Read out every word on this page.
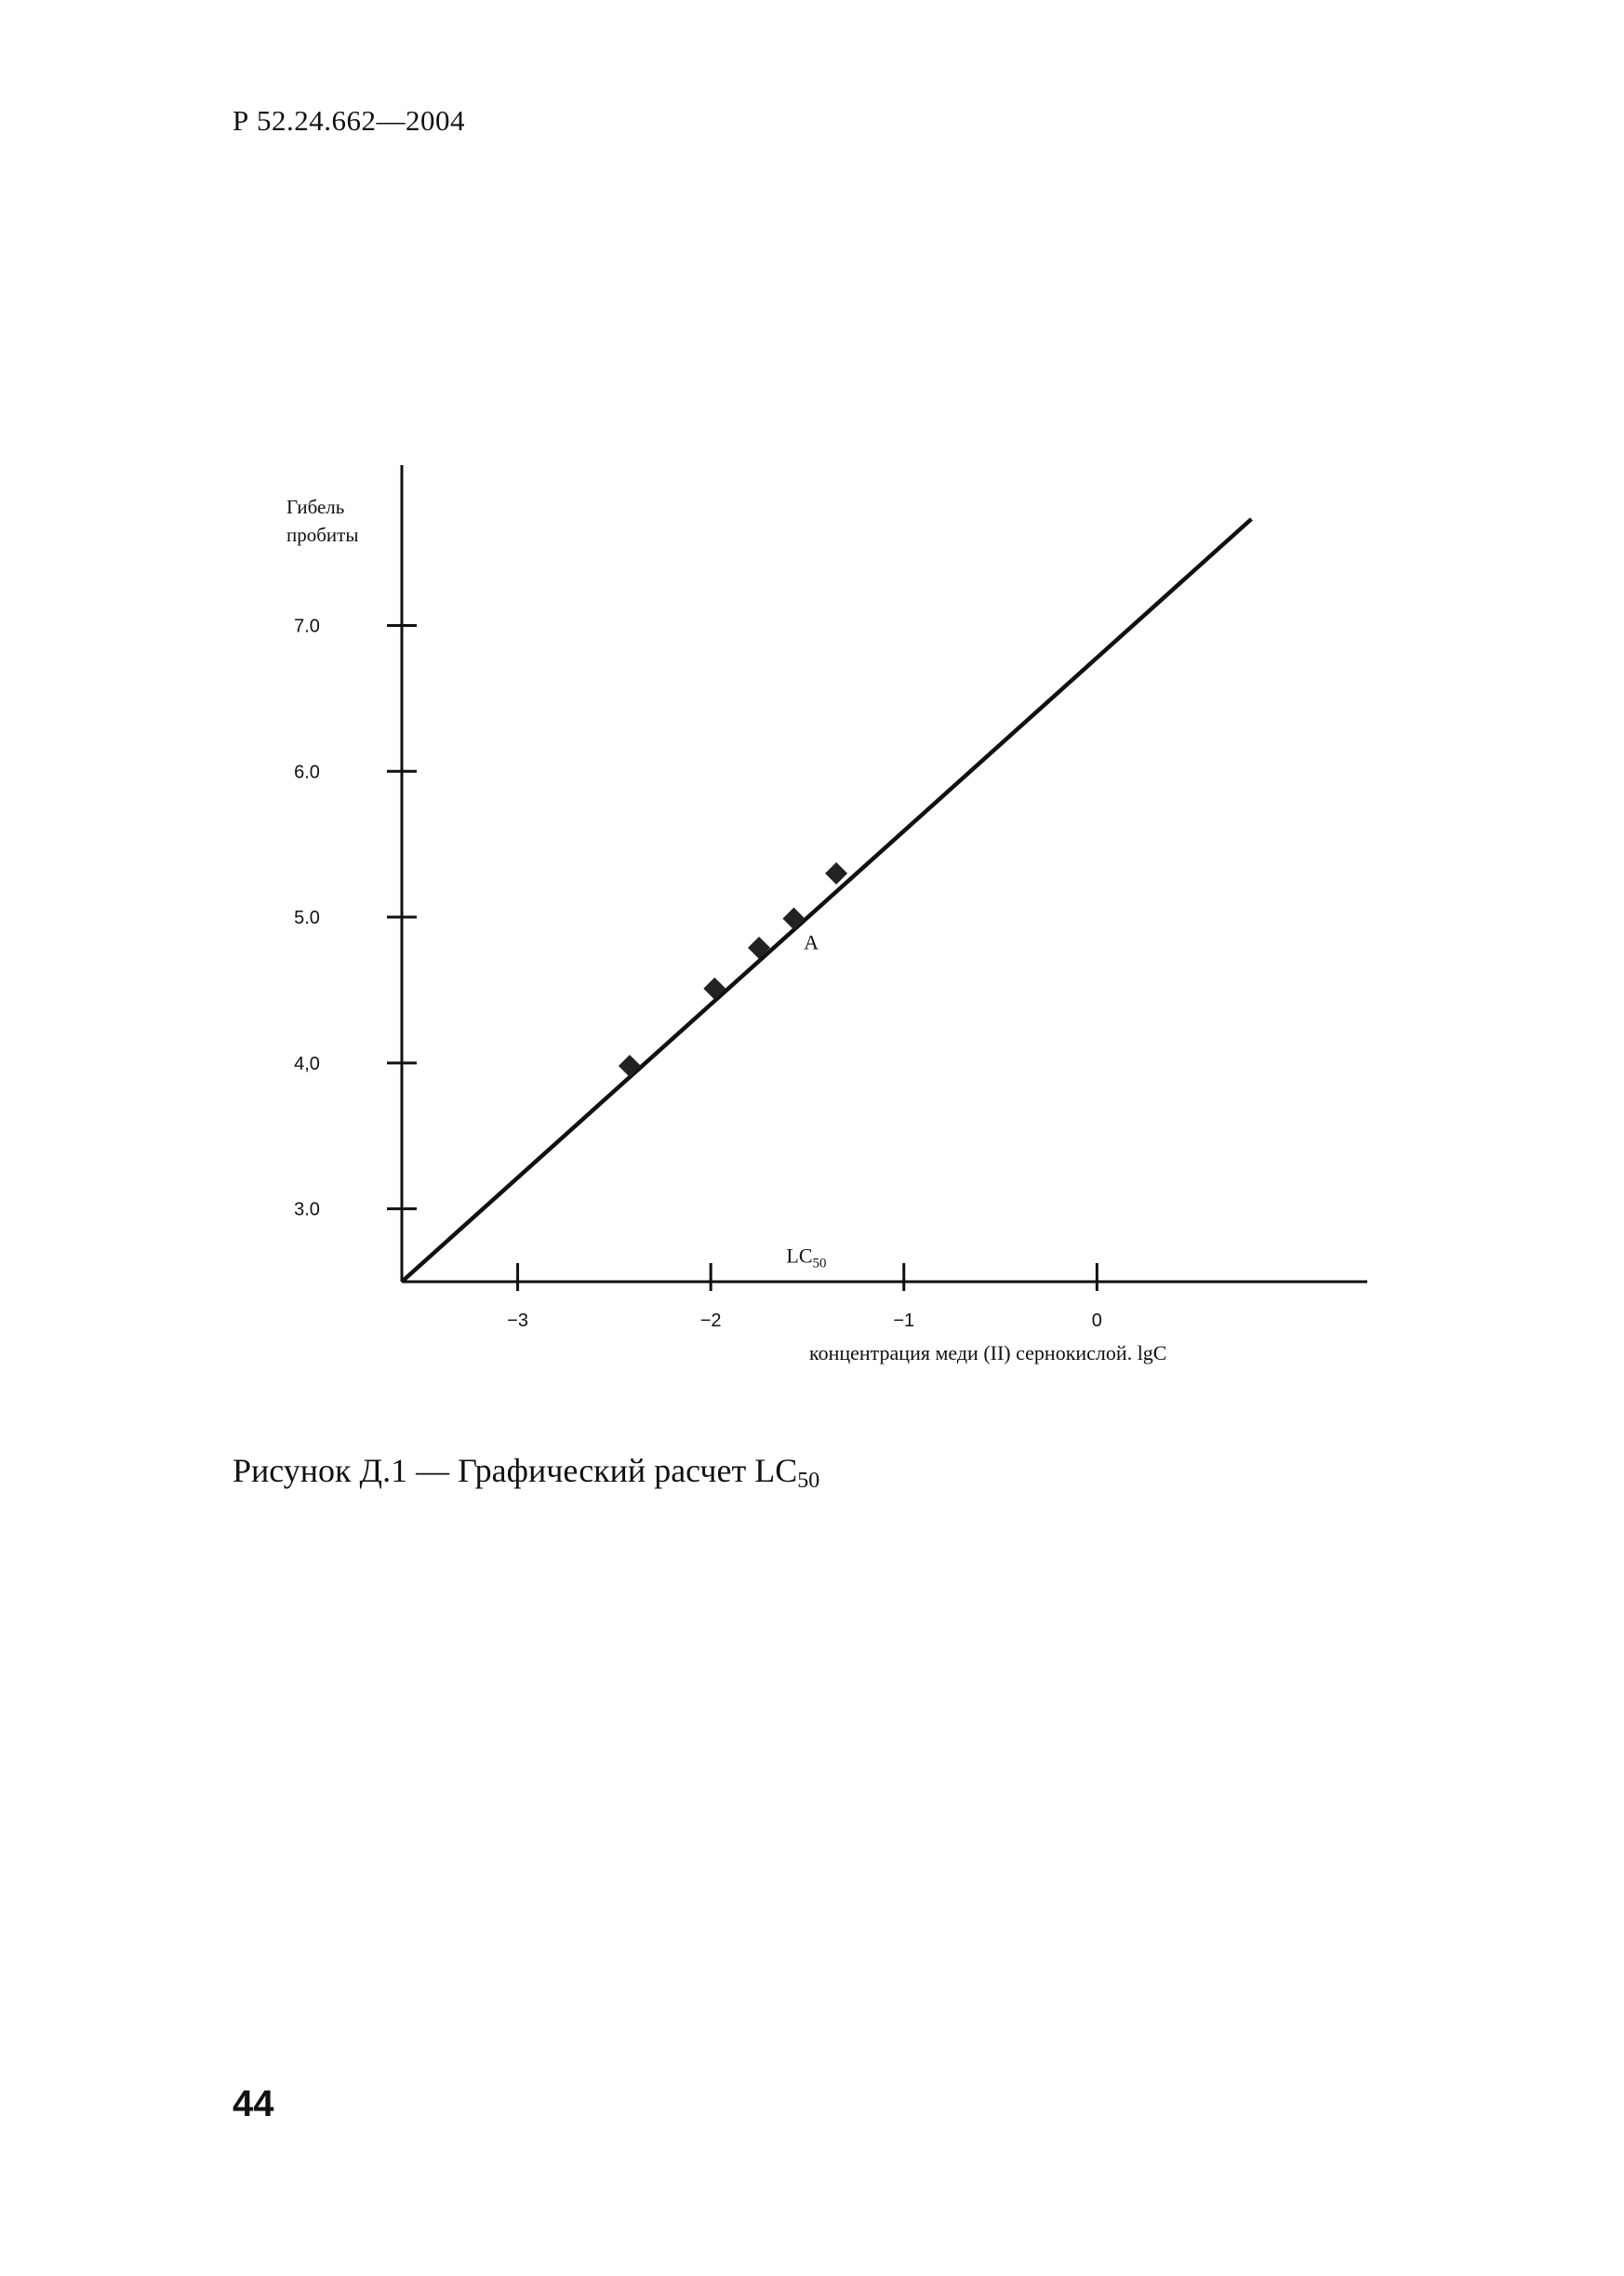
Р 52.24.662—2004
−3	−2	−1	0
3.0
4,0
5.0
6.0
7.0
Гибель
пробиты
концентрация меди (II) сернокислой. lgC
A
$LC_{50}$
Рисунок Д.1 — Графический расчет $LC_{50}$
44
